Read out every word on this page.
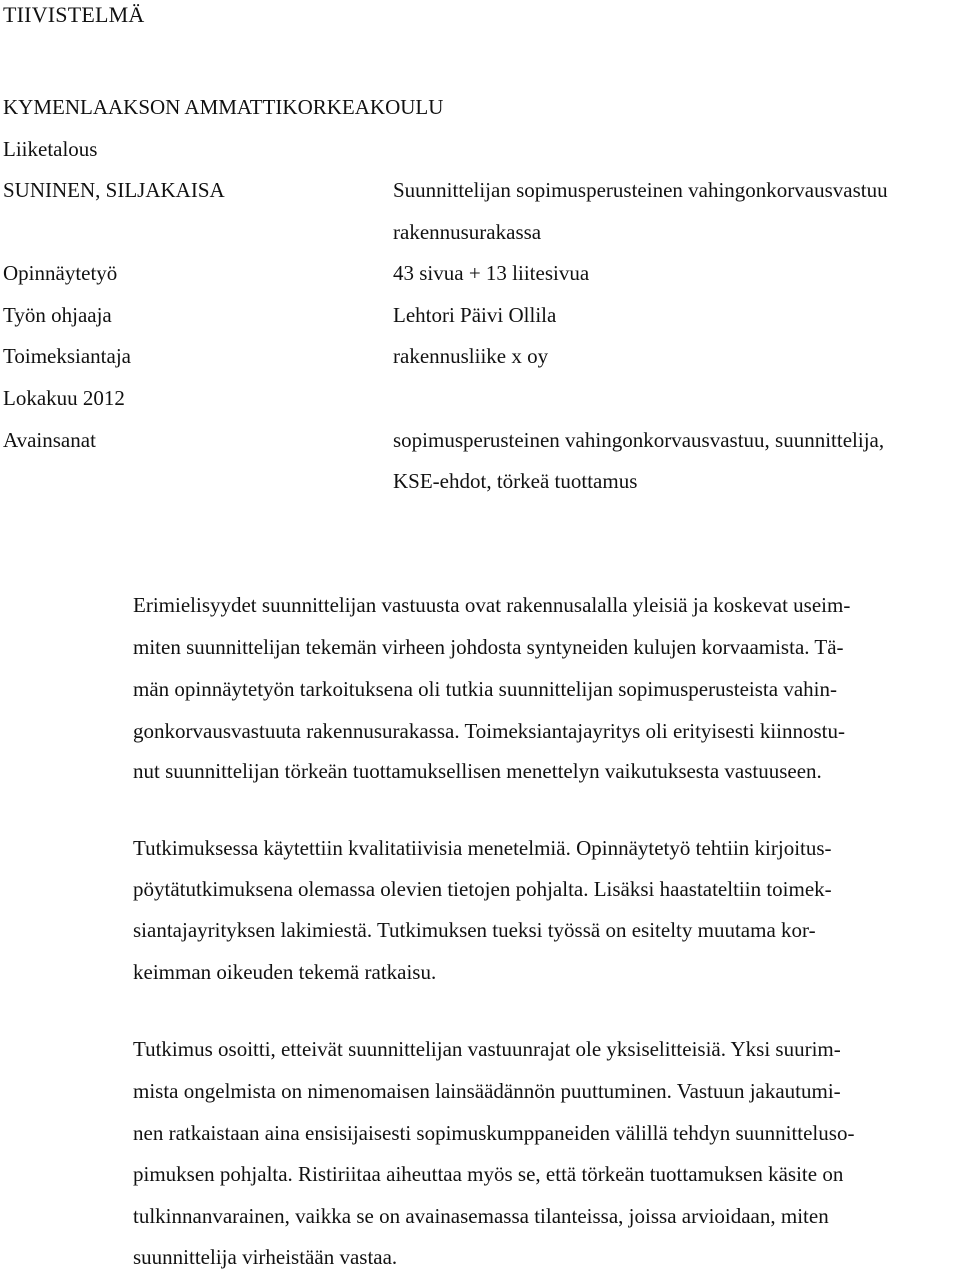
TIIVISTELMÄ
KYMENLAAKSON AMMATTIKORKEAKOULU
Liiketalous
SUNINEN, SILJAKAISA	Suunnittelijan sopimusperusteinen vahingonkorvausvastuu
rakennusurakassa
Opinnäytetyö	43 sivua + 13 liitesivua
Työn ohjaaja	Lehtori Päivi Ollila
Toimeksiantaja	rakennusliike x oy
Lokakuu 2012
Avainsanat	sopimusperusteinen vahingonkorvausvastuu, suunnittelija,
KSE-ehdot, törkeä tuottamus
Erimielisyydet suunnittelijan vastuusta ovat rakennusalalla yleisiä ja koskevat useim-
miten suunnittelijan tekemän virheen johdosta syntyneiden kulujen korvaamista. Tä-
män opinnäytetyön tarkoituksena oli tutkia suunnittelijan sopimusperusteista vahin-
gonkorvausvastuuta rakennusurakassa. Toimeksiantajayritys oli erityisesti kiinnostu-
nut suunnittelijan törkeän tuottamuksellisen menettelyn vaikutuksesta vastuuseen.
Tutkimuksessa käytettiin kvalitatiivisia menetelmiä. Opinnäytetyö tehtiin kirjoitus-
pöytätutkimuksena olemassa olevien tietojen pohjalta. Lisäksi haastateltiin toimek-
siantajayrityksen lakimiestä. Tutkimuksen tueksi työssä on esitelty muutama kor-
keimman oikeuden tekemä ratkaisu.
Tutkimus osoitti, etteivät suunnittelijan vastuunrajat ole yksiselitteisiä. Yksi suurim-
mista ongelmista on nimenomaisen lainsäädännön puuttuminen. Vastuun jakautumi-
nen ratkaistaan aina ensisijaisesti sopimuskumppaneiden välillä tehdyn suunnitteluso-
pimuksen pohjalta. Ristiriitaa aiheuttaa myös se, että törkeän tuottamuksen käsite on
tulkinnanvarainen, vaikka se on avainasemassa tilanteissa, joissa arvioidaan, miten
suunnittelija virheistään vastaa.
